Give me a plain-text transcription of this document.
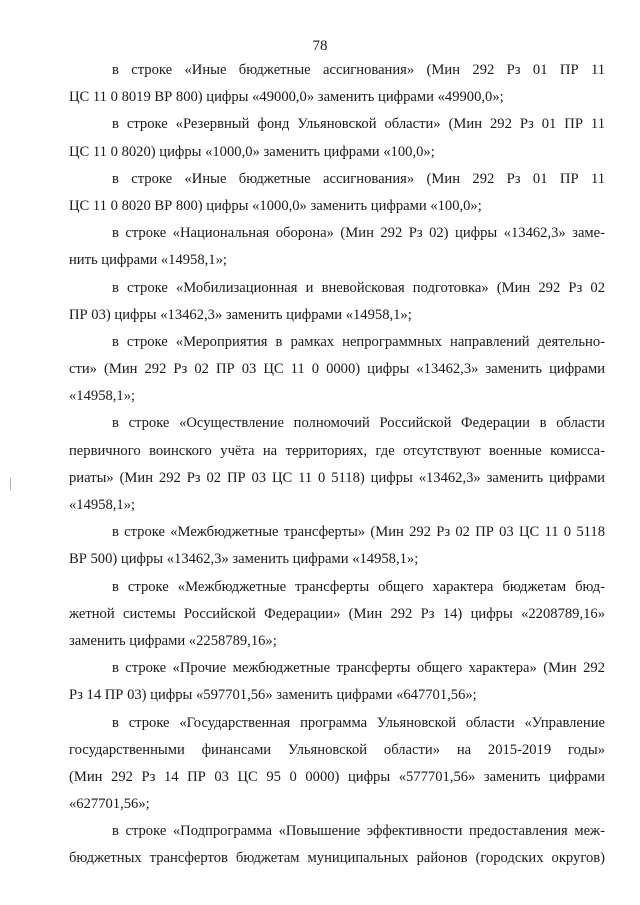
78

в строке «Иные бюджетные ассигнования» (Мин 292 Рз 01 ПР 11
ЦС 11 0 8019 ВР 800) цифры «49000,0» заменить цифрами «49900,0»;

в строке «Резервный фонд Ульяновской области» (Мин 292 Рз 01 ПР 11
ЦС 11 0 8020) цифры «1000,0» заменить цифрами «100,0»;

в строке «Иные бюджетные ассигнования» (Мин 292 Рз 01 ПР 11
ЦС 11 0 8020 ВР 800) цифры «1000,0» заменить цифрами «100,0»;

в строке «Национальная оборона» (Мин 292 Рз 02) цифры «13462,3» заме-
нить цифрами «14958,1»;

в строке «Мобилизационная и вневойсковая подготовка» (Мин 292 Рз 02
ПР 03) цифры «13462,3» заменить цифрами «14958,1»;

в строке «Мероприятия в рамках непрограммных направлений деятельно-
сти» (Мин 292 Рз 02 ПР 03 ЦС 11 0 0000) цифры «13462,3» заменить цифрами
«14958,1»;

в строке «Осуществление полномочий Российской Федерации в области
первичного воинского учёта на территориях, где отсутствуют военные комисса-
риаты» (Мин 292 Рз 02 ПР 03 ЦС 11 0 5118) цифры «13462,3» заменить цифрами
«14958,1»;

в строке «Межбюджетные трансферты» (Мин 292 Рз 02 ПР 03 ЦС 11 0 5118
ВР 500) цифры «13462,3» заменить цифрами «14958,1»;

в строке «Межбюджетные трансферты общего характера бюджетам бюд-
жетной системы Российской Федерации» (Мин 292 Рз 14) цифры «2208789,16»
заменить цифрами «2258789,16»;

в строке «Прочие межбюджетные трансферты общего характера» (Мин 292
Рз 14 ПР 03) цифры «597701,56» заменить цифрами «647701,56»;

в строке «Государственная программа Ульяновской области «Управление
государственными финансами Ульяновской области» на 2015-2019 годы»
(Мин 292 Рз 14 ПР 03 ЦС 95 0 0000) цифры «577701,56» заменить цифрами
«627701,56»;

в строке «Подпрограмма «Повышение эффективности предоставления меж-
бюджетных трансфертов бюджетам муниципальных районов (городских округов)
